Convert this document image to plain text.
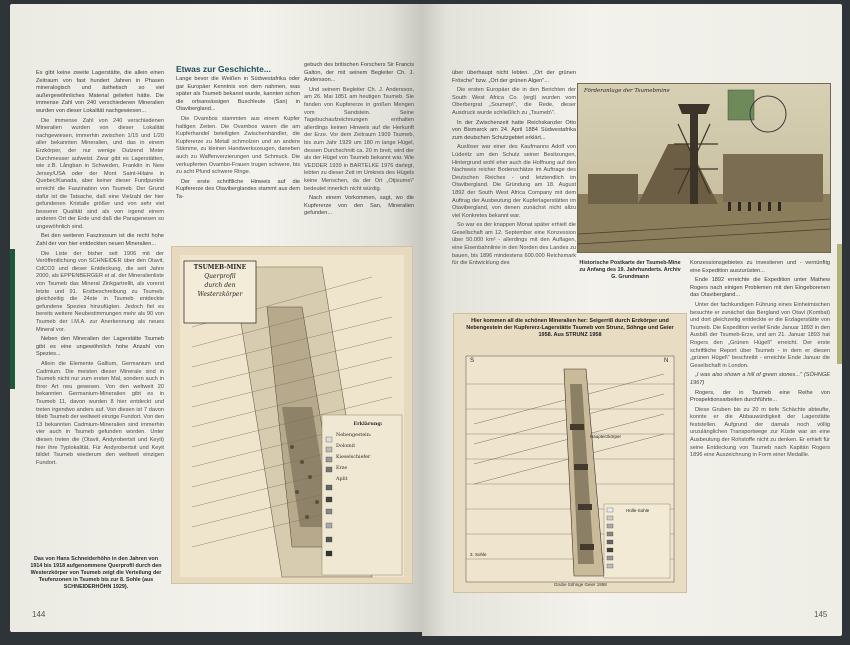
Es gibt keine zweite Lagerstätte, die allein einen Zeitraum von fast hundert Jahren in Phasen mineralogisch und ästhetisch so viel außergewöhnliches Material geliefert hätte. Die immense Zahl von 240 verschiedenen Mineralien wurden von dieser Lokalität nachgewiesen...

Die immense Zahl von 240 verschiedenen Mineralien wurden von dieser Lokalität nachgewiesen, immerhin zwischen 1/15 und 1/20 aller bekannten Mineralien, und das in einem Erzkörper, der nur wenige Dutzend Meter Durchmesser aufweist. Zwar gibt es Lagerstätten, wie z.B. Långban in Schweden, Franklin in New Jersey/USA oder der Mont Saint-Hilaire in Quebec/Kanada, aber keiner dieser Fundpunkte erreicht die Faszination von Tsumeb. Der Grund dafür ist die Tatsache, daß eine Vielzahl der hier gefundenen Kristalle größer und von sehr viel besserer Qualität sind als von irgend einem anderen Ort der Erde und daß die Paragenesen so ungewöhnlich sind.

Bei den weiteren Faszinosum ist die recht hohe Zahl der von hier entdeckten neuen Mineralien...

Die Liste der bisher seit 1906 mit der Veröffentlichung von SCHNEIDER über den Otavit, CdCO3 und dieser Entdeckung, die seit Jahre 2000, als EPPENBERGER et al. der Mineralienliste von Tsumeb das Mineral Zinkgartrellit, als vorerst letzte und 91. Erstbeschreibung zu Tsumeb, gleichzeitig die 24ste in Tsumeb entdeckte gefundene Spezies hinzufügten. Jedoch fiel es bereits weitere Neubestimmungen mehr als 90 von Tsumeb der I.M.A. zur Anerkennung als neues Mineral vor.

Neben den Mineralien der Lagerstätte Tsumeb gibt es eine ungewöhnlich hohe Anzahl von Spezies...

Allein die Elemente Gallium, Germanium und Cadmium. Die meisten dieser Minerale sind in Tsumeb nicht nur zum ersten Mal, sondern auch in ihrer Art neu gewesen. Von den weltweit 20 bekannten Germanium-Mineralien gibt es in Tsumeb 11, davon wurden 8 hier entdeckt und treten irgendwo anders auf. Von diesen ist 7 davon blieb Tsumeb der weltweit einzige Fundort. Von den 13 bekannten Cadmium-Mineralien sind immerhin vier auch in Tsumeb gefunden worden. Unter diesen treten die (Otavit, Andyrobertsit und Keyit) hier ihre Typlokalität. Für Andyrobertsit und Keyit bildet Tsumeb wiederum den weltweit einzigen Fundort.

Etwas zur Geschichte...

Lange bevor die Weißen in Südwestafrika oder gar Europäer Kenntnis von dem nahmen, was später als Tsumeb bekannt wurde, kannten schon die ortsansässigen Buschleute (San) in Otavibergland...

Die Ovambos stammten aus einem Kupfer haltigen Zeiten. Die Ovambos waren die am Kupferhandel beteiligten Zwischenhändler, die Kupfererze zu Metall schmolzen und an andere Stämme, zu kleinen Handwerkszeugen, daneben auch zu Waffenverzierungen und Schmuck. Die verkupferten Ovambo-Frauen trugen schwere, bis zu acht Pfund schwere Ringe.

Der erste schriftliche Hinweis auf die Kupfererze des Otaviberglandes stammt aus dem Ta-

gebuch des britischen Forschers Sir Francis Galton, der mit seinem Begleiter Ch. J. Andersson...

Und seinem Begleiter Ch. J. Andersson, am 26. Mai 1851 am heutigen Tsumeb. Sie fanden von Kupfererze in großen Mengen vom Sandstein. Seine Tagebuchaufzeichnungen enthalten allerdings keinen Hinweis auf die Herkunft der Erze. Vor dem Zeitraum 1909 Tsumeb, bis zum Jahr 1929 um 180 m lange Hügel, dessen Durchschnitt ca. 20 m breit, wird der als der Hügel von Tsumeb bekannt war. Wie VEDDER 1939 in BARTELKE 1976 darlegt, lebten zu dieser Zeit im Umkreis des Hügels keine Menschen, da der Ort „Otjisume\" bedeutet innerlich nicht würdig.

Nach einem Vorkommen, sagt, wo die Kupfererze von den San, Mineralien gefunden...

TSUMEB-MINE
Querprofil
durch den
Westerzkörper
Erklärung:
Nebengestein:
Dolomit
Kieselschiefer
Erze
Aplit
Das von Hans Schneiderhöhn in den Jahren von 1914 bis 1918 aufgenommene Querprofil durch den Westerzkörper von Tsumeb zeigt die Verteilung der Teufenzonen in Tsumeb bis zur 8. Sohle (aus SCHNEIDERHÖHN 1929).
144

über überhaupt nicht lebten. „Ort der grünen Frösche" bzw. „Ort der grünen Algen"...

Die ersten Europäer die in den Berichten der South West Africa Co. (ergl) wurden vom Oberbergrat „Soumep\", die Rede, dieser Ausdruck wurde schließlich zu „Tsumeb\".

In der Zwischenzeit hatte Reichskanzler Otto von Bismarck am 24. April 1884 Südwestafrika zum deutschen Schutzgebiet erklärt...

Auslöser war einer des Kaufmanns Adolf von Lüderitz um den Schutz seiner Besitzungen, Hintergrund wohl eher auch die Hoffnung auf den Nachweis reicher Bodenschätze im Auftrage des Deutschen Reiches - und letztendlich im Otavibergland. Die Gründung am 18. August 1892 der South West Africa Company mit dem Auftrag der Ausbeutung der Kupferlagerstätten im Otavibergland, von denen zunächst nicht allzu viel Konkretes bekannt war.

So war es der knappen Monat später erhielt die Gesellschaft am 12. September eine Konzession über 50.000 km² - allerdings mit den Auflagen, eine Eisenbahnlinie in den Norden des Landes zu bauen, bis 1896 mindestens 600.000 Reichsmark für die Entwicklung des

Förderanlage der Tsumebmine
Historische Postkarte der Tsumeb-Mine zu Anfang des 19. Jahrhunderts. Archiv G. Grundmann

Konzessionsgebietes zu investieren und - vernünftig eine Expedition auszurüsten...

Ende 1892 erreichte die Expedition unter Mathew Rogers nach einigen Problemen mit den Eingeborenen das Otavibergland...

Unter der fachkundigen Führung eines Einheimischen besuchte er zunächst das Bergland von Otavi (Kombat) und dort gleichzeitig entdeckte er die Erzlagerstätte von Tsumeb. Die Expedition verlief Ende Januar 1893 in den Ausbiß der Tsumeb-Erze, und am 21. Januar 1893 hat Rogers den „Grünen Hügel\" erreicht. Der erste schriftliche Report über Tsumeb - in dem er diesen „grünen Hügel\" beschreibt - erreichte Ende Januar die Gesellschaft in London.

„I was also shown a hill of green stones..." (SÖHNGE 1967)

Rogers, der in Tsumeb eine Reihe von Prospektionsarbeiten durchführte...

Diese Gruben bis zu 20 m tiefe Schächte abteufte, konnte er die Abbauwürdigkeit der Lagerstätte feststellen. Aufgrund der damals noch völlig unzulänglichen Transportwege zur Küste war an eine Ausbeutung der Rohstoffe nicht zu denken. Er erhielt für seine Entdeckung von Tsumeb nach Kapitän Rogers 1896 eine Auszeichnung in Form einer Medaille.

Hier kommen all die schönen Mineralien her: Seigerriß durch Erzkörper und Nebengestein der Kupfererz-Lagerstätte Tsumeb von Strunz, Söhnge und Geier 1958. Aus STRUNZ 1958
S	N
3. Sohle
Haupterzkörper
Hülle-Sohle
Grube Söhnge Geier 1958
145
